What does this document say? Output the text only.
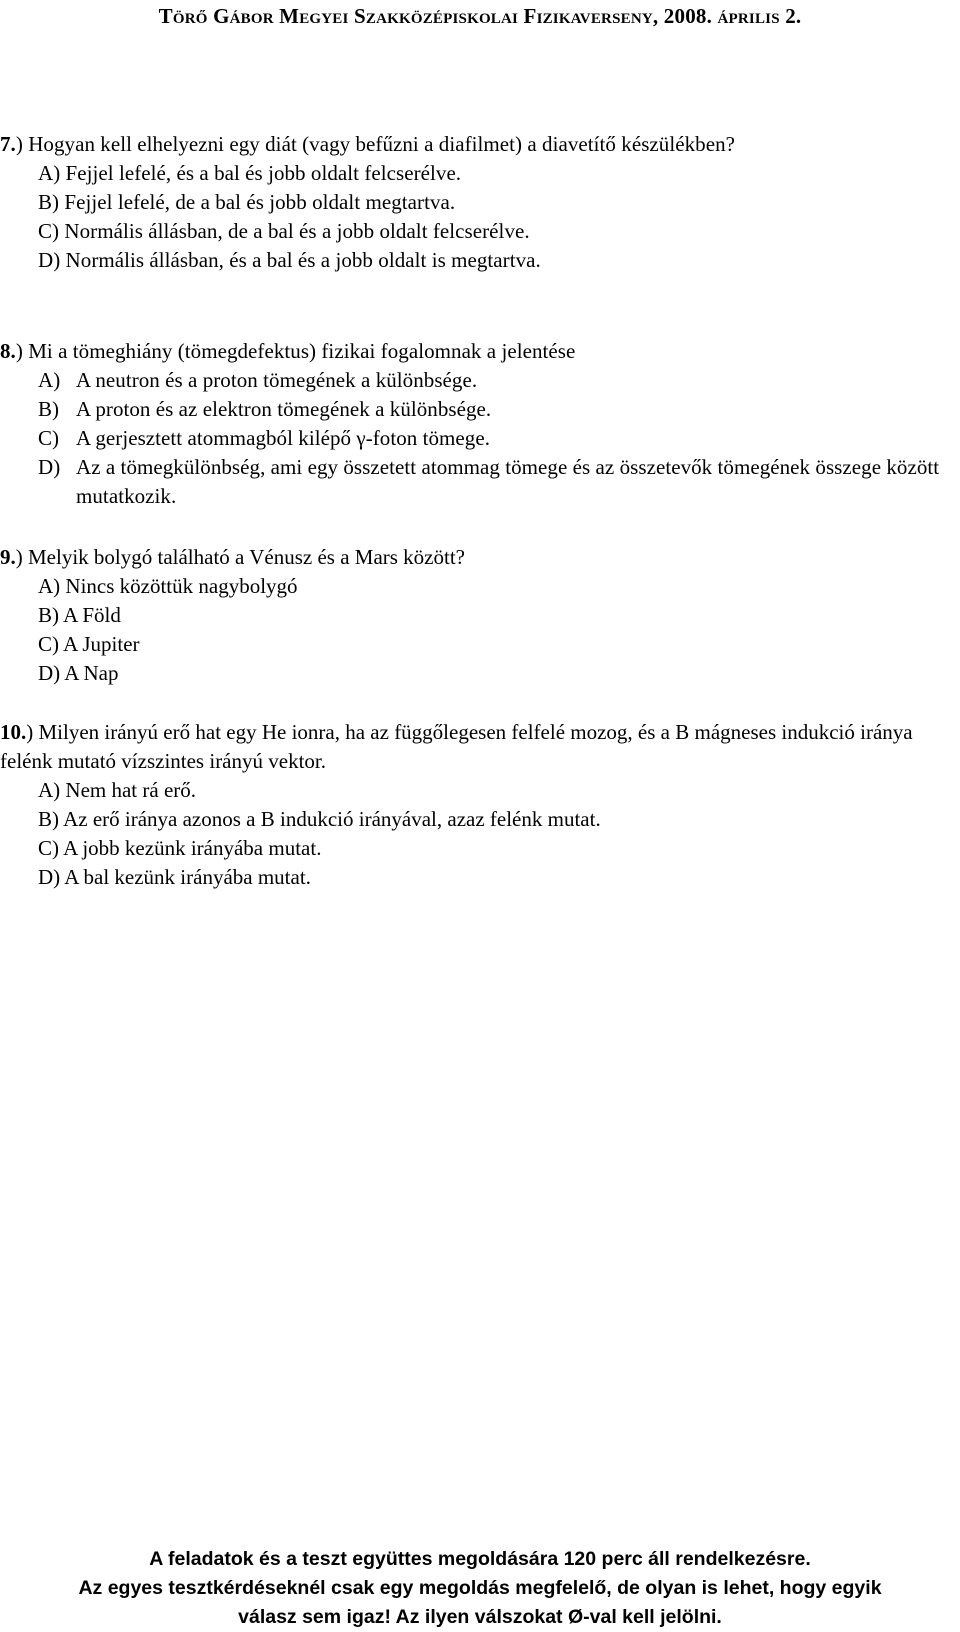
Törő Gábor Megyei Szakközépiskolai Fizikaverseny, 2008. április 2.
7.) Hogyan kell elhelyezni egy diát (vagy befűzni a diafilmet) a diavetítő készülékben?
A) Fejjel lefelé, és a bal és jobb oldalt felcserélve.
B) Fejjel lefelé, de a bal és jobb oldalt megtartva.
C) Normális állásban, de a bal és a jobb oldalt felcserélve.
D) Normális állásban, és a bal és a jobb oldalt is megtartva.
8.) Mi a tömeghiány (tömegdefektus) fizikai fogalomnak a jelentése
A) A neutron és a proton tömegének a különbsége.
B) A proton és az elektron tömegének a különbsége.
C) A gerjesztett atommagból kilépő γ-foton tömege.
D) Az a tömegkülönbség, ami egy összetett atommag tömege és az összetevők tömegének összege között mutatkozik.
9.) Melyik bolygó található a Vénusz és a Mars között?
A) Nincs közöttük nagybolygó
B) A Föld
C) A Jupiter
D) A Nap
10.) Milyen irányú erő hat egy He ionra, ha az függőlegesen felfelé mozog, és a B mágneses indukció iránya felénk mutató vízszintes irányú vektor.
A) Nem hat rá erő.
B) Az erő iránya azonos a B indukció irányával, azaz felénk mutat.
C) A jobb kezünk irányába mutat.
D) A bal kezünk irányába mutat.
A feladatok és a teszt együttes megoldására 120 perc áll rendelkezésre.
Az egyes tesztkérdéseknél csak egy megoldás megfelelő, de olyan is lehet, hogy egyik
válasz sem igaz! Az ilyen válszokat Ø-val kell jelölni.
